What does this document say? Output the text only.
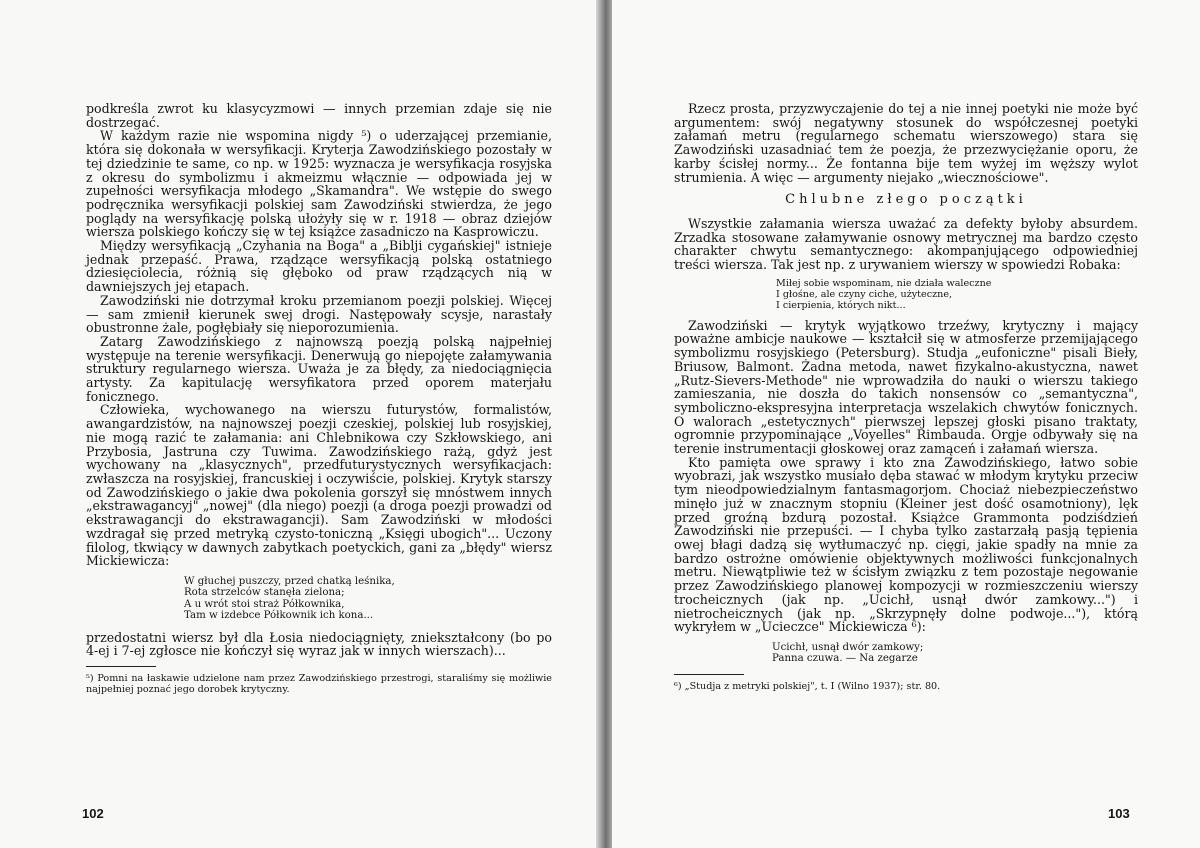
podkreśla zwrot ku klasycyzmowi — innych przemian zdaje się nie dostrzegać.

W każdym razie nie wspomina nigdy ⁵) o uderzającej przemianie, która się dokonała w wersyfikacji. Kryterja Zawodzińskiego pozostały w tej dziedzinie te same, co np. w 1925: wyznacza je wersyfikacja rosyjska z okresu do symbolizmu i akmeizmu włącznie — odpowiada jej w zupełności wersyfikacja młodego „Skamandra". We wstępie do swego podręcznika wersyfikacji polskiej sam Zawodziński stwierdza, że jego poglądy na wersyfikację polską ułożyły się w r. 1918 — obraz dziejów wiersza polskiego kończy się w tej książce zasadniczo na Kasprowiczu.

Między wersyfikacją „Czyhania na Boga" a „Biblji cygańskiej" istnieje jednak przepaść. Prawa, rządzące wersyfikacją polską ostatniego dziesięciolecia, różnią się głęboko od praw rządzących nią w dawniejszych jej etapach.

Zawodziński nie dotrzymał kroku przemianom poezji polskiej. Więcej — sam zmienił kierunek swej drogi. Następowały scysje, narastały obustronne żale, pogłębiały się nieporozumienia.

Zatarg Zawodzińskiego z najnowszą poezją polską najpełniej występuje na terenie wersyfikacji. Denerwują go niepojęte załamywania struktury regularnego wiersza. Uważa je za błędy, za niedociągnięcia artysty. Za kapitulację wersyfikatora przed oporem materjału fonicznego.

Człowieka, wychowanego na wierszu futurystów, formalistów, awangardzistów, na najnowszej poezji czeskiej, polskiej lub rosyjskiej, nie mogą razić te załamania: ani Chlebnikowa czy Szkłowskiego, ani Przybosia, Jastruna czy Tuwima. Zawodzińskiego rażą, gdyż jest wychowany na „klasycznych", przedfuturystycznych wersyfikacjach: zwłaszcza na rosyjskiej, francuskiej i oczywiście, polskiej. Krytyk starszy od Zawodzińskiego o jakie dwa pokolenia gorszył się mnóstwem innych „ekstrawagancyj" „nowej" (dla niego) poezji (a droga poezji prowadzi od ekstrawagancji do ekstrawagancji). Sam Zawodziński w młodości wzdragał się przed metryką czysto-toniczną „Księgi ubogich"... Uczony filolog, tkwiący w dawnych zabytkach poetyckich, gani za „błędy" wiersz Mickiewicza:

W głuchej puszczy, przed chatką leśnika,
Rota strzelców stanęła zielona;
A u wrót stoi straż Półkownika,
Tam w izdebce Półkownik ich kona...

przedostatni wiersz był dla Łosia niedociągnięty, zniekształcony (bo po 4-ej i 7-ej zgłosce nie kończył się wyraz jak w innych wierszach)...

⁵) Pomni na łaskawie udzielone nam przez Zawodzińskiego przestrogi, staraliśmy się możliwie najpełniej poznać jego dorobek krytyczny.
102

Rzecz prosta, przyzwyczajenie do tej a nie innej poetyki nie może być argumentem: swój negatywny stosunek do współczesnej poetyki załamań metru (regularnego schematu wierszowego) stara się Zawodziński uzasadniać tem że poezja, że przezwyciężanie oporu, że karby ścisłej normy... Że fontanna bije tem wyżej im węższy wylot strumienia. A więc — argumenty niejako „wiecznościowe".

Chlubne złego początki

Wszystkie załamania wiersza uważać za defekty byłoby absurdem. Zrzadka stosowane załamywanie osnowy metrycznej ma bardzo często charakter chwytu semantycznego: akompanjującego odpowiedniej treści wiersza. Tak jest np. z urywaniem wierszy w spowiedzi Robaka:

Miłej sobie wspominam, nie działa waleczne
I głośne, ale czyny ciche, użyteczne,
I cierpienia, których nikt...

Zawodziński — krytyk wyjątkowo trzeźwy, krytyczny i mający poważne ambicje naukowe — kształcił się w atmosferze przemijającego symbolizmu rosyjskiego (Petersburg). Studja „eufoniczne" pisali Bieły, Briusow, Balmont. Żadna metoda, nawet fizykalno-akustyczna, nawet „Rutz-Sievers-Methode" nie wprowadziła do nauki o wierszu takiego zamieszania, nie doszła do takich nonsensów co „semantyczna", symboliczno-ekspresyjna interpretacja wszelakich chwytów fonicznych. O walorach „estetycznych" pierwszej lepszej głoski pisano traktaty, ogromnie przypominające „Voyelles" Rimbauda. Orgje odbywały się na terenie instrumentacji głoskowej oraz zamąceń i załamań wiersza.

Kto pamięta owe sprawy i kto zna Zawodzińskiego, łatwo sobie wyobrazi, jak wszystko musiało dęba stawać w młodym krytyku przeciw tym nieodpowiedzialnym fantasmagorjom. Chociaż niebezpieczeństwo minęło już w znacznym stopniu (Kleiner jest dość osamotniony), lęk przed groźną bzdurą pozostał. Książce Grammonta podziśdzień Zawodziński nie przepuści. — I chyba tylko zastarzałą pasją tępienia owej błagi dadzą się wytłumaczyć np. cięgi, jakie spadły na mnie za bardzo ostrożne omówienie objektywnych możliwości funkcjonalnych metru. Niewątpliwie też w ścisłym związku z tem pozostaje negowanie przez Zawodzińskiego planowej kompozycji w rozmieszczeniu wierszy trocheicznych (jak np. „Ucichł, usnął dwór zamkowy...") i nietrocheicznych (jak np. „Skrzypnęły dolne podwoje..."), którą wykryłem w „Ucieczce" Mickiewicza ⁶):

Ucichł, usnął dwór zamkowy;
Panna czuwa. — Na zegarze
⁶) „Studja z metryki polskiej", t. I (Wilno 1937); str. 80.
103
